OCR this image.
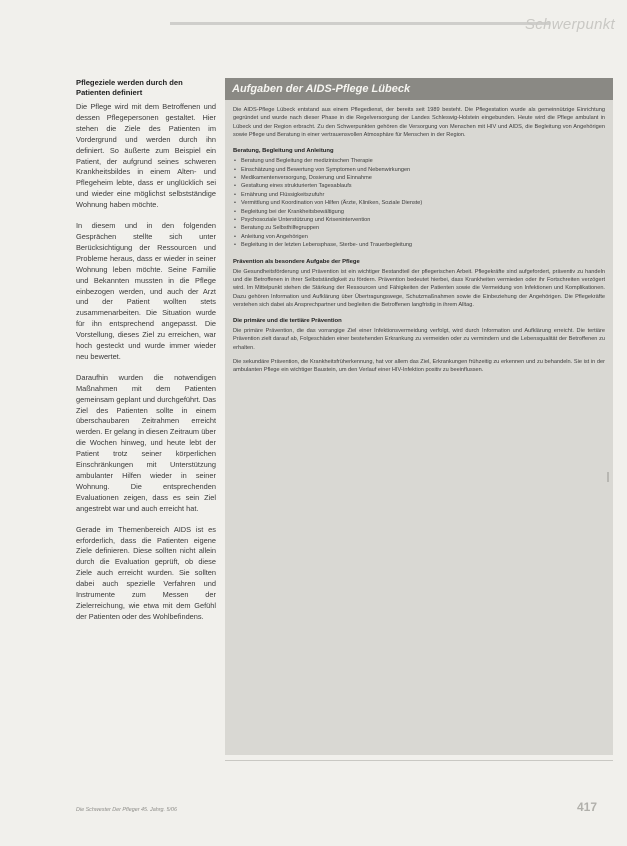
Schwerpunkt
Pflegeziele werden durch den Patienten definiert

Die Pflege wird mit dem Betroffenen und dessen Pflegepersonen gestaltet. Hier stehen die Ziele des Patienten im Vordergrund und werden durch ihn definiert. So äußerte zum Beispiel ein Patient, der aufgrund seines schweren Krankheitsbildes in einem Alten- und Pflegeheim lebte, dass er unglücklich sei und wieder eine möglichst selbstständige Wohnung haben möchte.

In diesem und in den folgenden Gesprächen stellte sich unter Berücksichtigung der Ressourcen und Probleme heraus, dass er wieder in seiner Wohnung leben möchte. Seine Familie und Bekannten mussten in die Pflege einbezogen werden, und auch der Arzt und der Patient wollten stets zusammenarbeiten. Die Situation wurde für ihn entsprechend angepasst. Die Vorstellung, dieses Ziel zu erreichen, war hoch gesteckt und wurde immer wieder neu bewertet.

Daraufhin wurden die notwendigen Maßnahmen mit dem Patienten gemeinsam geplant und durchgeführt. Das Ziel des Patienten sollte in einem überschaubaren Zeitrahmen erreicht werden. Er gelang in diesen Zeitraum über die Wochen hinweg, und heute lebt der Patient trotz seiner körperlichen Einschränkungen mit Unterstützung ambulanter Hilfen wieder in seiner Wohnung. Die entsprechenden Evaluationen zeigen, dass es sein Ziel angestrebt war und auch erreicht hat.

Gerade im Themenbereich AIDS ist es erforderlich, dass die Patienten eigene Ziele definieren. Diese sollten nicht allein durch die Evaluation geprüft, ob diese Ziele auch erreicht wurden. Sie sollten dabei auch spezielle Verfahren und Instrumente zum Messen der Zielerreichung, wie etwa mit dem Gefühl der Patienten oder des Wohlbefindens.

Aufgaben der AIDS-Pflege Lübeck

Die AIDS-Pflege Lübeck entstand aus einem Pflegedienst, der bereits seit 1989 besteht. Die Pflegestation wurde als gemeinnützige Einrichtung gegründet und wurde nach dieser Phase in die Regelversorgung der Landes Schleswig-Holstein eingebunden. Heute wird die Pflege ambulant in Lübeck und der Region erbracht. Zu den Schwerpunkten gehören die Versorgung von Menschen mit HIV und AIDS, die Begleitung von Angehörigen sowie Pflege und Beratung in einer vertrauensvollen Atmosphäre für Menschen in der Region.

Beratung, Begleitung und Anleitung
• Beratung und Begleitung der medizinischen Therapie
• Einschätzung und Bewertung von Symptomen und Nebenwirkungen
• Medikamentenversorgung, Dosierung und Einnahme
• Gestaltung eines strukturierten Tagesablaufs
• Ernährung und Flüssigkeitszufuhr
• Vermittlung und Koordination von Hilfen (Ärzte, Kliniken, Soziale Dienste)
• Begleitung bei der Krankheitsbewältigung
• Psychosoziale Unterstützung und Krisenintervention
• Beratung zu Selbsthilfegruppen
• Anleitung von Angehörigen
• Begleitung in der letzten Lebensphase, Sterbe- und Trauerbegleitung
Prävention als besondere Aufgabe der Pflege

Die Gesundheitsförderung und Prävention ist ein wichtiger Bestandteil der pflegerischen Arbeit. Pflegekräfte sind aufgefordert, präventiv zu handeln und die Betroffenen in ihrer Selbstständigkeit zu fördern. Prävention bedeutet hierbei, dass Krankheiten vermieden oder ihr Fortschreiten verzögert wird. Im Mittelpunkt stehen die Stärkung der Ressourcen und Fähigkeiten der Patienten sowie die Vermeidung von Infektionen und Komplikationen. Dazu gehören Information und Aufklärung über Übertragungswege, Schutzmaßnahmen sowie die Einbeziehung der Angehörigen. Die Pflegekräfte verstehen sich dabei als Ansprechpartner und begleiten die Betroffenen langfristig in ihrem Alltag.

Die primäre und die tertiäre Prävention

Die primäre Prävention, die das vorrangige Ziel einer Infektionsvermeidung verfolgt, wird durch Information und Aufklärung erreicht. Die tertiäre Prävention zielt darauf ab, Folgeschäden einer bestehenden Erkrankung zu vermeiden oder zu vermindern und die Lebensqualität der Betroffenen zu erhalten.

Die sekundäre Prävention, die Krankheitsfrüherkennung, hat vor allem das Ziel, Erkrankungen frühzeitig zu erkennen und zu behandeln. Sie ist in der ambulanten Pflege ein wichtiger Baustein, um den Verlauf einer HIV-Infektion positiv zu beeinflussen.

Die Schwester Der Pfleger 45. Jahrg. 5/06	417
